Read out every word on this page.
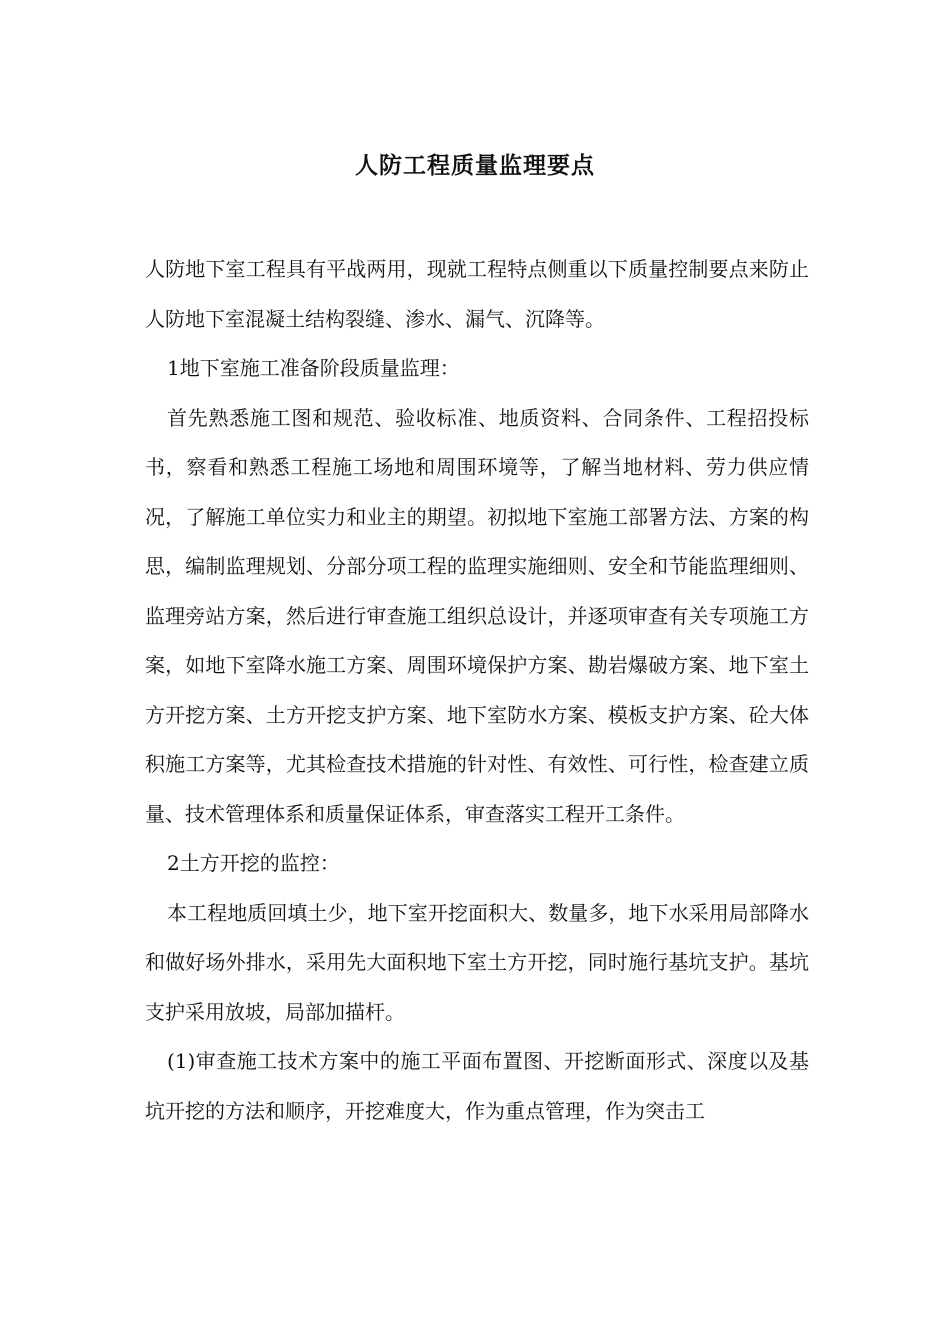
人防工程质量监理要点

人防地下室工程具有平战两用，现就工程特点侧重以下质量控制要点来防止人防地下室混凝土结构裂缝、渗水、漏气、沉降等。

1地下室施工准备阶段质量监理：

首先熟悉施工图和规范、验收标准、地质资料、合同条件、工程招投标书，察看和熟悉工程施工场地和周围环境等，了解当地材料、劳力供应情况，了解施工单位实力和业主的期望。初拟地下室施工部署方法、方案的构思，编制监理规划、分部分项工程的监理实施细则、安全和节能监理细则、监理旁站方案，然后进行审查施工组织总设计，并逐项审查有关专项施工方案，如地下室降水施工方案、周围环境保护方案、勘岩爆破方案、地下室土方开挖方案、土方开挖支护方案、地下室防水方案、模板支护方案、砼大体积施工方案等，尤其检查技术措施的针对性、有效性、可行性，检查建立质量、技术管理体系和质量保证体系，审查落实工程开工条件。

2土方开挖的监控：

本工程地质回填土少，地下室开挖面积大、数量多，地下水采用局部降水和做好场外排水，采用先大面积地下室土方开挖，同时施行基坑支护。基坑支护采用放坡，局部加描杆。

(1)审查施工技术方案中的施工平面布置图、开挖断面形式、深度以及基坑开挖的方法和顺序，开挖难度大，作为重点管理，作为突击工
